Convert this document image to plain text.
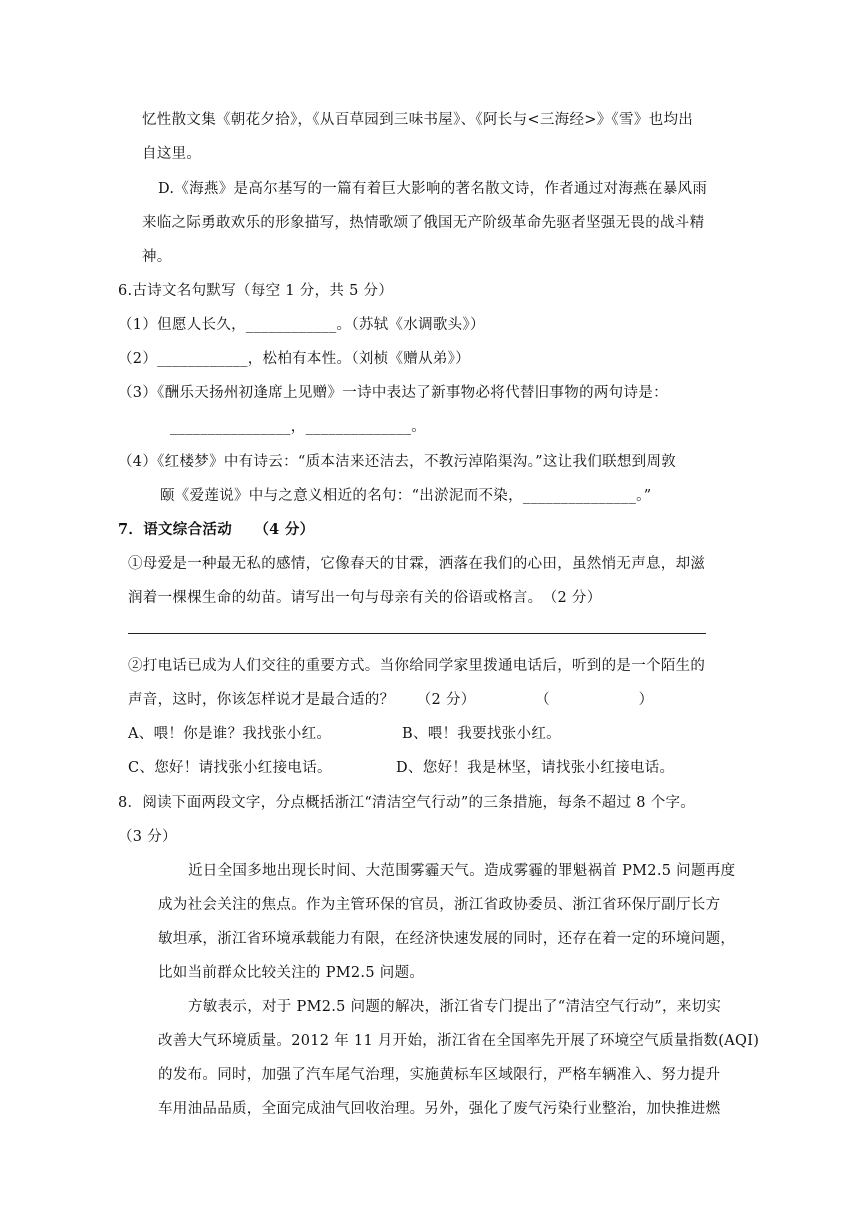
忆性散文集《朝花夕拾》，《从百草园到三味书屋》、《阿长与<三海经>》《雪》也均出
自这里。
D.《海燕》是高尔基写的一篇有着巨大影响的著名散文诗，作者通过对海燕在暴风雨
来临之际勇敢欢乐的形象描写，热情歌颂了俄国无产阶级革命先驱者坚强无畏的战斗精
神。
6.古诗文名句默写（每空 1 分，共 5 分）
（1）但愿人长久，____________。（苏轼《水调歌头》）
（2）____________，松柏有本性。（刘桢《赠从弟》）
（3）《酬乐天扬州初逢席上见赠》一诗中表达了新事物必将代替旧事物的两句诗是：
________________，______________。
（4）《红楼梦》中有诗云：“质本洁来还洁去，不教污淖陷渠沟。”这让我们联想到周敦
颐《爱莲说》中与之意义相近的名句：“出淤泥而不染，_______________。”
7．语文综合活动　　（4 分）
①母爱是一种最无私的感情，它像春天的甘霖，洒落在我们的心田，虽然悄无声息，却滋
润着一棵棵生命的幼苗。请写出一句与母亲有关的俗语或格言。　（2 分）
②打电话已成为人们交往的重要方式。当你给同学家里拨通电话后，听到的是一个陌生的
声音，这时，你该怎样说才是最合适的？　　（2 分）　　　　　（　　　　　　）
A、喂！你是谁？我找张小红。	B、喂！我要找张小红。
C、您好！请找张小红接电话。	D、您好！我是林坚，请找张小红接电话。
8．阅读下面两段文字，分点概括浙江“清洁空气行动”的三条措施，每条不超过 8 个字。
（3 分）
近日全国多地出现长时间、大范围雾霾天气。造成雾霾的罪魁祸首 PM2.5 问题再度
成为社会关注的焦点。作为主管环保的官员，浙江省政协委员、浙江省环保厅副厅长方
敏坦承，浙江省环境承载能力有限，在经济快速发展的同时，还存在着一定的环境问题，
比如当前群众比较关注的 PM2.5 问题。
方敏表示，对于 PM2.5 问题的解决，浙江省专门提出了“清洁空气行动”，来切实
改善大气环境质量。2012 年 11 月开始，浙江省在全国率先开展了环境空气质量指数(AQI)
的发布。同时，加强了汽车尾气治理，实施黄标车区域限行，严格车辆准入、努力提升
车用油品品质，全面完成油气回收治理。另外，强化了废气污染行业整治，加快推进燃
